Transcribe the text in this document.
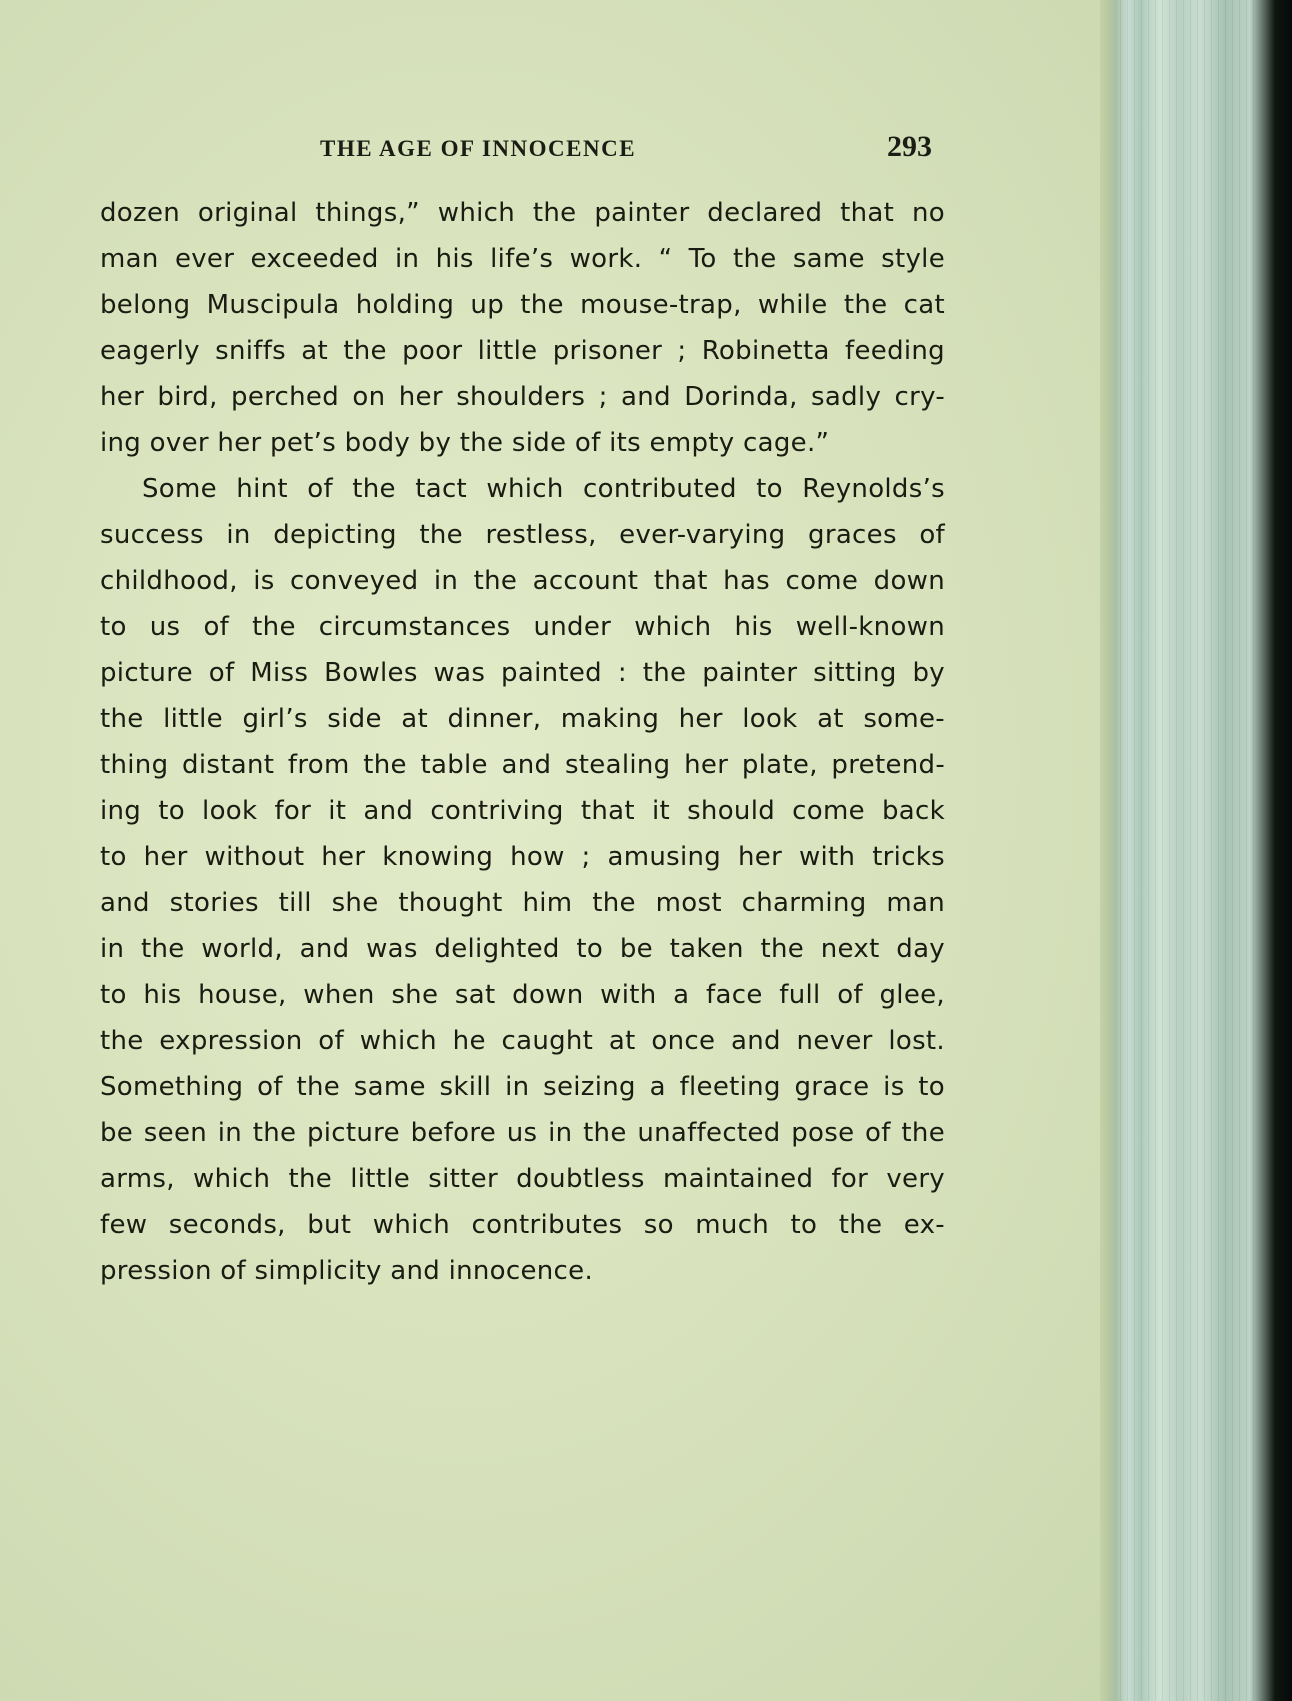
THE AGE OF INNOCENCE	293
dozen original things,” which the painter declared that no
man ever exceeded in his life’s work. “ To the same style
belong Muscipula holding up the mouse-trap, while the cat
eagerly sniffs at the poor little prisoner ; Robinetta feeding
her bird, perched on her shoulders ; and Dorinda, sadly cry-
ing over her pet’s body by the side of its empty cage.”
Some hint of the tact which contributed to Reynolds’s
success in depicting the restless, ever-varying graces of
childhood, is conveyed in the account that has come down
to us of the circumstances under which his well-known
picture of Miss Bowles was painted : the painter sitting by
the little girl’s side at dinner, making her look at some-
thing distant from the table and stealing her plate, pretend-
ing to look for it and contriving that it should come back
to her without her knowing how ; amusing her with tricks
and stories till she thought him the most charming man
in the world, and was delighted to be taken the next day
to his house, when she sat down with a face full of glee,
the expression of which he caught at once and never lost.
Something of the same skill in seizing a fleeting grace is to
be seen in the picture before us in the unaffected pose of the
arms, which the little sitter doubtless maintained for very
few seconds, but which contributes so much to the ex-
pression of simplicity and innocence.
